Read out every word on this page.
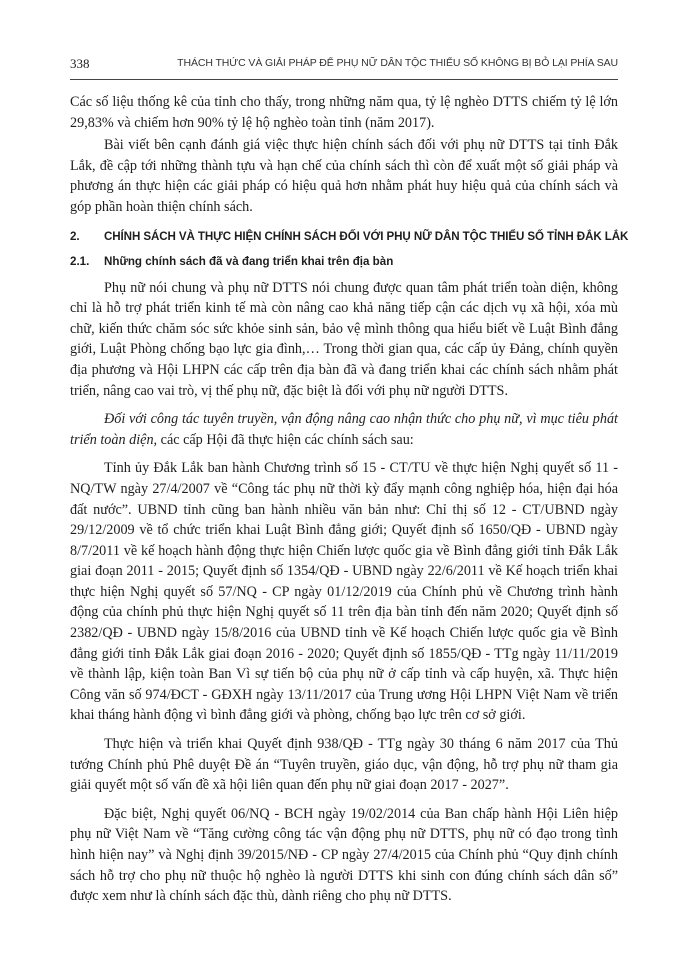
338	THÁCH THỨC VÀ GIẢI PHÁP ĐỂ PHỤ NỮ DÂN TỘC THIỂU SỐ KHÔNG BỊ BỎ LẠI PHÍA SAU

Các số liệu thống kê của tỉnh cho thấy, trong những năm qua, tỷ lệ nghèo DTTS chiếm tỷ lệ lớn 29,83% và chiếm hơn 90% tỷ lệ hộ nghèo toàn tỉnh (năm 2017).

Bài viết bên cạnh đánh giá việc thực hiện chính sách đối với phụ nữ DTTS tại tỉnh Đắk Lắk, đề cập tới những thành tựu và hạn chế của chính sách thì còn để xuất một số giải pháp và phương án thực hiện các giải pháp có hiệu quả hơn nhằm phát huy hiệu quả của chính sách và góp phần hoàn thiện chính sách.

2.	CHÍNH SÁCH VÀ THỰC HIỆN CHÍNH SÁCH ĐỐI VỚI PHỤ NỮ DÂN TỘC THIỂU SỐ TỈNH ĐẮK LẮK
2.1.	Những chính sách đã và đang triển khai trên địa bàn

Phụ nữ nói chung và phụ nữ DTTS nói chung được quan tâm phát triển toàn diện, không chỉ là hỗ trợ phát triển kinh tế mà còn nâng cao khả năng tiếp cận các dịch vụ xã hội, xóa mù chữ, kiến thức chăm sóc sức khỏe sinh sản, bảo vệ mình thông qua hiểu biết về Luật Bình đẳng giới, Luật Phòng chống bạo lực gia đình,… Trong thời gian qua, các cấp ủy Đảng, chính quyền địa phương và Hội LHPN các cấp trên địa bàn đã và đang triển khai các chính sách nhằm phát triển, nâng cao vai trò, vị thế phụ nữ, đặc biệt là đối với phụ nữ người DTTS.

Đối với công tác tuyên truyền, vận động nâng cao nhận thức cho phụ nữ, vì mục tiêu phát triển toàn diện, các cấp Hội đã thực hiện các chính sách sau:

Tỉnh ủy Đắk Lắk ban hành Chương trình số 15 - CT/TU về thực hiện Nghị quyết số 11 - NQ/TW ngày 27/4/2007 về “Công tác phụ nữ thời kỳ đẩy mạnh công nghiệp hóa, hiện đại hóa đất nước”. UBND tỉnh cũng ban hành nhiều văn bản như: Chỉ thị số 12 - CT/UBND ngày 29/12/2009 về tổ chức triển khai Luật Bình đẳng giới; Quyết định số 1650/QĐ - UBND ngày 8/7/2011 về kế hoạch hành động thực hiện Chiến lược quốc gia về Bình đẳng giới tỉnh Đắk Lắk giai đoạn 2011 - 2015; Quyết định số 1354/QĐ - UBND ngày 22/6/2011 về Kế hoạch triển khai thực hiện Nghị quyết số 57/NQ - CP ngày 01/12/2019 của Chính phủ về Chương trình hành động của chính phủ thực hiện Nghị quyết số 11 trên địa bàn tỉnh đến năm 2020; Quyết định số 2382/QĐ - UBND ngày 15/8/2016 của UBND tỉnh về Kế hoạch Chiến lược quốc gia về Bình đẳng giới tỉnh Đắk Lắk giai đoạn 2016 - 2020; Quyết định số 1855/QĐ - TTg ngày 11/11/2019 về thành lập, kiện toàn Ban Vì sự tiến bộ của phụ nữ ở cấp tỉnh và cấp huyện, xã. Thực hiện Công văn số 974/ĐCT - GĐXH ngày 13/11/2017 của Trung ương Hội LHPN Việt Nam về triển khai tháng hành động vì bình đẳng giới và phòng, chống bạo lực trên cơ sở giới.

Thực hiện và triển khai Quyết định 938/QĐ - TTg ngày 30 tháng 6 năm 2017 của Thủ tướng Chính phủ Phê duyệt Đề án “Tuyên truyền, giáo dục, vận động, hỗ trợ phụ nữ tham gia giải quyết một số vấn đề xã hội liên quan đến phụ nữ giai đoạn 2017 - 2027”.

Đặc biệt, Nghị quyết 06/NQ - BCH ngày 19/02/2014 của Ban chấp hành Hội Liên hiệp phụ nữ Việt Nam về “Tăng cường công tác vận động phụ nữ DTTS, phụ nữ có đạo trong tình hình hiện nay” và Nghị định 39/2015/NĐ - CP ngày 27/4/2015 của Chính phủ “Quy định chính sách hỗ trợ cho phụ nữ thuộc hộ nghèo là người DTTS khi sinh con đúng chính sách dân số” được xem như là chính sách đặc thù, dành riêng cho phụ nữ DTTS.
